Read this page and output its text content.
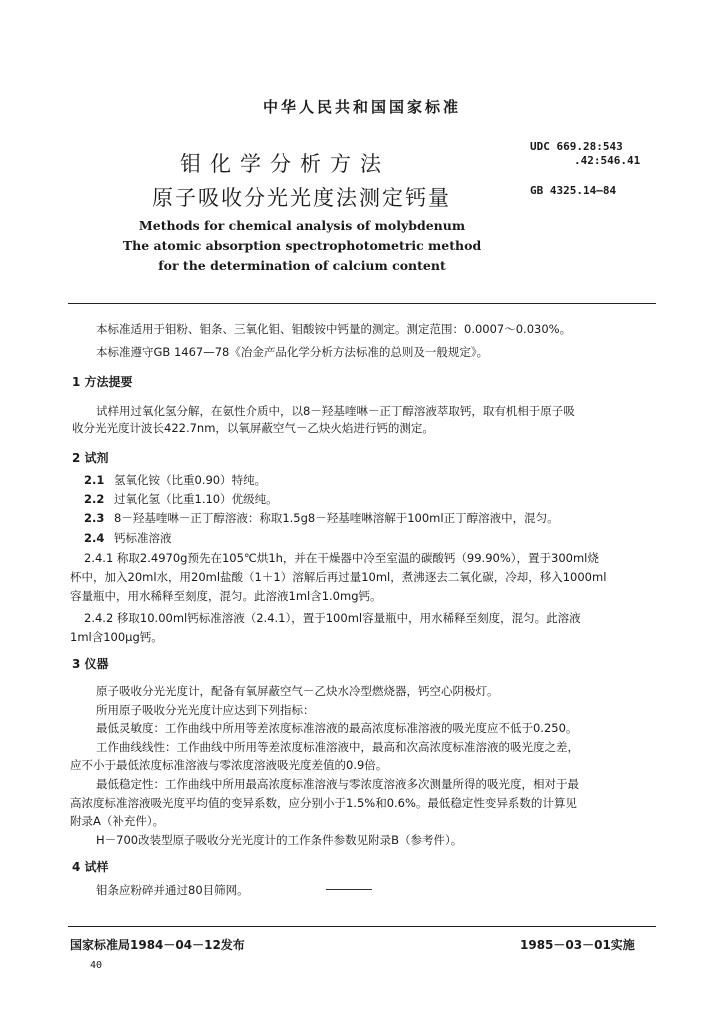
中华人民共和国国家标准
钼化学分析方法
原子吸收分光光度法测定钙量
UDC 669.28:543
.42:546.41
GB 4325.14—84
Methods for chemical analysis of molybdenum
The atomic absorption spectrophotometric method
for the determination of calcium content
本标准适用于钼粉、钼条、三氧化钼、钼酸铵中钙量的测定。测定范围：0.0007～0.030%。
本标准遵守GB 1467—78《冶金产品化学分析方法标准的总则及一般规定》。
1 方法提要
试样用过氧化氢分解，在氨性介质中，以8－羟基喹啉－正丁醇溶液萃取钙，取有机相于原子吸
收分光光度计波长422.7nm，以氧屏蔽空气－乙炔火焰进行钙的测定。
2 试剂
2.1 氢氧化铵（比重0.90）特纯。
2.2 过氧化氢（比重1.10）优级纯。
2.3 8－羟基喹啉－正丁醇溶液：称取1.5g8－羟基喹啉溶解于100ml正丁醇溶液中，混匀。
2.4 钙标准溶液
2.4.1 称取2.4970g预先在105℃烘1h，并在干燥器中冷至室温的碳酸钙（99.90%），置于300ml烧
杯中，加入20ml水，用20ml盐酸（1＋1）溶解后再过量10ml，煮沸逐去二氧化碳，冷却，移入1000ml
容量瓶中，用水稀释至刻度，混匀。此溶液1ml含1.0mg钙。
2.4.2 移取10.00ml钙标准溶液（2.4.1），置于100ml容量瓶中，用水稀释至刻度，混匀。此溶液
1ml含100μg钙。
3 仪器
原子吸收分光光度计，配备有氧屏蔽空气－乙炔水冷型燃烧器，钙空心阴极灯。
所用原子吸收分光光度计应达到下列指标：
最低灵敏度：工作曲线中所用等差浓度标准溶液的最高浓度标准溶液的吸光度应不低于0.250。
工作曲线线性：工作曲线中所用等差浓度标准溶液中，最高和次高浓度标准溶液的吸光度之差，
应不小于最低浓度标准溶液与零浓度溶液吸光度差值的0.9倍。
最低稳定性：工作曲线中所用最高浓度标准溶液与零浓度溶液多次测量所得的吸光度，相对于最
高浓度标准溶液吸光度平均值的变异系数，应分别小于1.5%和0.6%。最低稳定性变异系数的计算见
附录A（补充件）。
H－700改装型原子吸收分光光度计的工作条件参数见附录B（参考件）。
4 试样
钼条应粉碎并通过80目筛网。
国家标准局1984－04－12发布	1985－03－01实施
40
